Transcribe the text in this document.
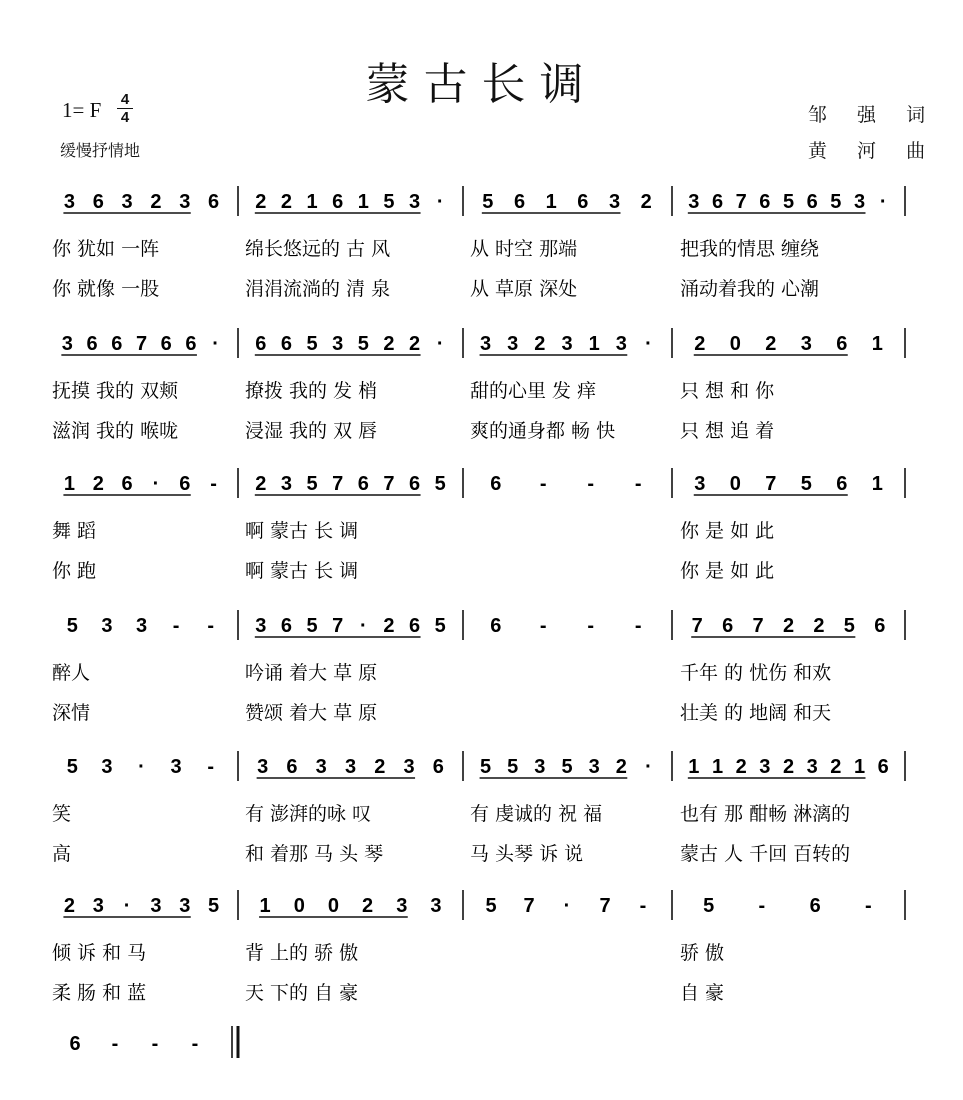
蒙古长调
1= F 4
4
缓慢抒情地
邹 强 词
黄 河 曲
3 6 3 2 3 6
你 犹如 一阵
你 就像 一股
2 2 1 6 1 5 3 ·
绵长悠远的 古 风
涓涓流淌的 清 泉
5 6 1 6 3 2
从 时空 那端
从 草原 深处
3 6 7 6 5 6 5 3 ·
把我的情思 缠绕
涌动着我的 心潮
3 6 6 7 6 6 ·
抚摸 我的 双颊
滋润 我的 喉咙
6 6 5 3 5 2 2 ·
撩拨 我的 发 梢
浸湿 我的 双 唇
3 3 2 3 1 3 ·
甜的心里 发 痒
爽的通身都 畅 快
2 0 2 3 6 1
只 想 和 你
只 想 追 着
1 2 6 · 6 -
舞 蹈
你 跑
2 3 5 7 6 7 6 5
啊 蒙古 长 调
啊 蒙古 长 调
6 - - -	3 0 7 5 6 1
你 是 如 此
你 是 如 此
5 3 3 - -
醉人
深情
3 6 5 7 · 2 6 5
吟诵 着大 草 原
赞颂 着大 草 原
6 - - -	7 6 7 2 2 5 6
千年 的 忧伤 和欢
壮美 的 地阔 和天
5 3 · 3 -
笑
高
3 6 3 3 2 3 6
有 澎湃的咏 叹
和 着那 马 头 琴
5 5 3 5 3 2 ·
有 虔诚的 祝 福
马 头琴 诉 说
1 1 2 3 2 3 2 1 6
也有 那 酣畅 淋漓的
蒙古 人 千回 百转的
2 3 · 3 3 5
倾 诉 和 马
柔 肠 和 蓝
1 0 0 2 3 3
背 上的 骄 傲
天 下的 自 豪
5 7 · 7 -	5 - 6 -
骄 傲
自 豪
6 - - -
